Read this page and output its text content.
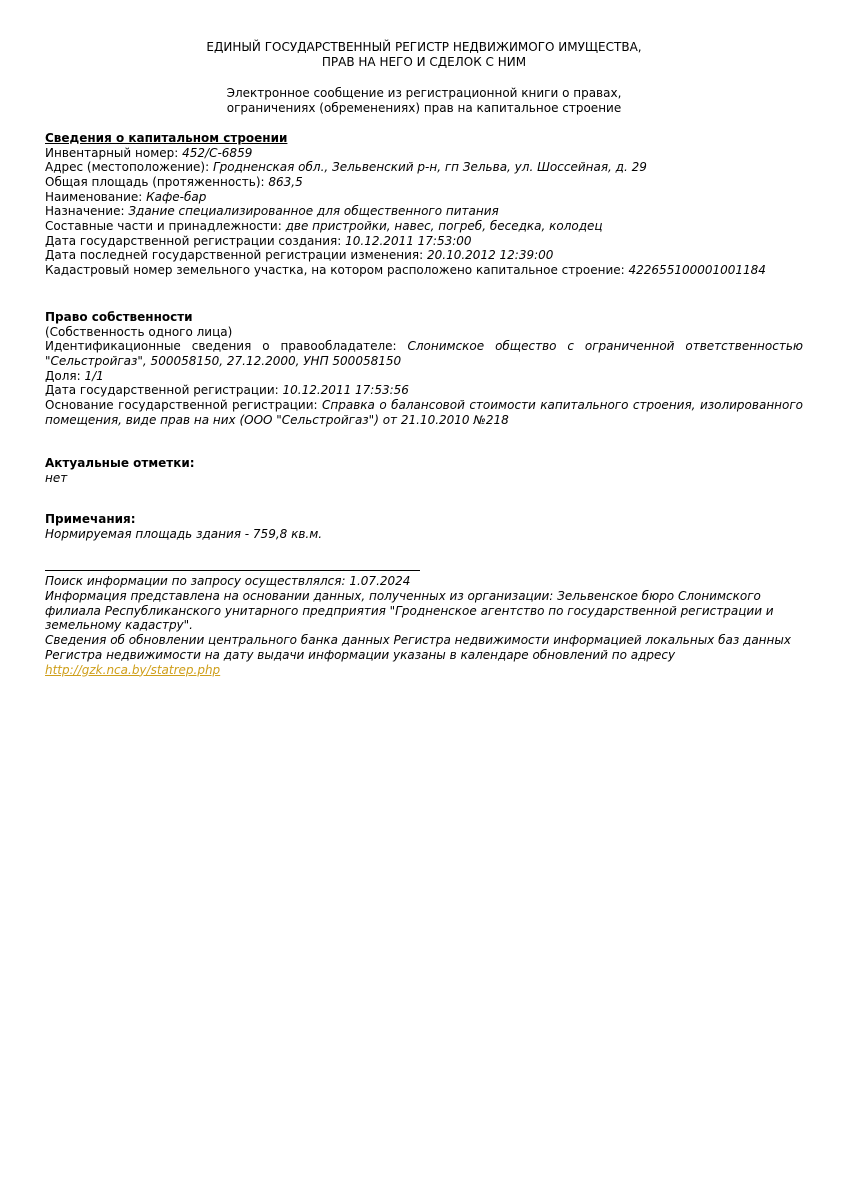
ЕДИНЫЙ ГОСУДАРСТВЕННЫЙ РЕГИСТР НЕДВИЖИМОГО ИМУЩЕСТВА,

ПРАВ НА НЕГО И СДЕЛОК С НИМ

Электронное сообщение из регистрационной книги о правах,

ограничениях (обременениях) прав на капитальное строение

Сведения о капитальном строении

Инвентарный номер: 452/С-6859

Адрес (местоположение): Гродненская обл., Зельвенский р-н, гп Зельва, ул. Шоссейная, д. 29

Общая площадь (протяженность): 863,5

Наименование: Кафе-бар

Назначение: Здание специализированное для общественного питания

Составные части и принадлежности: две пристройки, навес, погреб, беседка, колодец

Дата государственной регистрации создания: 10.12.2011 17:53:00

Дата последней государственной регистрации изменения: 20.10.2012 12:39:00

Кадастровый номер земельного участка, на котором расположено капитальное строение: 422655100001001184

Право собственности

(Собственность одного лица)

Идентификационные сведения о правообладателе: Слонимское общество с ограниченной ответственностью "Сельстройгаз", 500058150, 27.12.2000, УНП 500058150

Доля: 1/1

Дата государственной регистрации: 10.12.2011 17:53:56

Основание государственной регистрации: Справка о балансовой стоимости капитального строения, изолированного помещения, виде прав на них (ООО "Сельстройгаз") от 21.10.2010 №218

Актуальные отметки:

нет

Примечания:

Нормируемая площадь здания - 759,8 кв.м.

Поиск информации по запросу осуществлялся: 1.07.2024

Информация представлена на основании данных, полученных из организации: Зельвенское бюро Слонимского филиала Республиканского унитарного предприятия "Гродненское агентство по государственной регистрации и земельному кадастру".

Сведения об обновлении центрального банка данных Регистра недвижимости информацией локальных баз данных Регистра недвижимости на дату выдачи информации указаны в календаре обновлений по адресу

http://gzk.nca.by/statrep.php
